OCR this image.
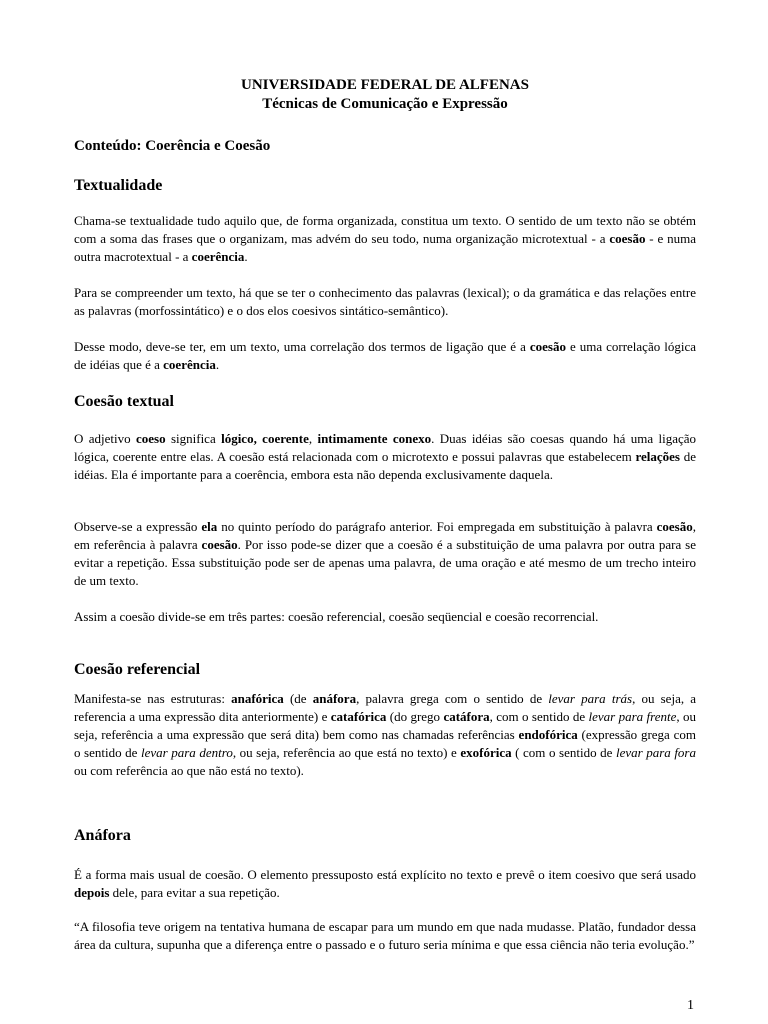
UNIVERSIDADE FEDERAL DE ALFENAS
Técnicas de Comunicação e Expressão
Conteúdo: Coerência e Coesão
Textualidade

Chama-se textualidade tudo aquilo que, de forma organizada, constitua um texto. O sentido de um texto não se obtém com a soma das frases que o organizam, mas advém do seu todo, numa organização microtextual - a coesão - e numa outra macrotextual - a coerência.

Para se compreender um texto, há que se ter o conhecimento das palavras (lexical); o da gramática e das relações entre as palavras (morfossintático) e o dos elos coesivos sintático-semântico).

Desse modo, deve-se ter, em um texto, uma correlação dos termos de ligação que é a coesão e uma correlação lógica de idéias que é a coerência.

Coesão textual

O adjetivo coeso significa lógico, coerente, intimamente conexo. Duas idéias são coesas quando há uma ligação lógica, coerente entre elas. A coesão está relacionada com o microtexto e possui palavras que estabelecem relações de idéias. Ela é importante para a coerência, embora esta não dependa exclusivamente daquela.

Observe-se a expressão ela no quinto período do parágrafo anterior. Foi empregada em substituição à palavra coesão, em referência à palavra coesão. Por isso pode-se dizer que a coesão é a substituição de uma palavra por outra para se evitar a repetição. Essa substituição pode ser de apenas uma palavra, de uma oração e até mesmo de um trecho inteiro de um texto.

Assim a coesão divide-se em três partes: coesão referencial, coesão seqüencial e coesão recorrencial.

Coesão referencial

Manifesta-se nas estruturas: anafórica (de anáfora, palavra grega com o sentido de levar para trás, ou seja, a referencia a uma expressão dita anteriormente) e catafórica (do grego catáfora, com o sentido de levar para frente, ou seja, referência a uma expressão que será dita) bem como nas chamadas referências endofórica (expressão grega com o sentido de levar para dentro, ou seja, referência ao que está no texto) e exofórica ( com o sentido de levar para fora ou com referência ao que não está no texto).

Anáfora

É a forma mais usual de coesão. O elemento pressuposto está explícito no texto e prevê o item coesivo que será usado depois dele, para evitar a sua repetição.

“A filosofia teve origem na tentativa humana de escapar para um mundo em que nada mudasse. Platão, fundador dessa área da cultura, supunha que a diferença entre o passado e o futuro seria mínima e que essa ciência não teria evolução.”

1
